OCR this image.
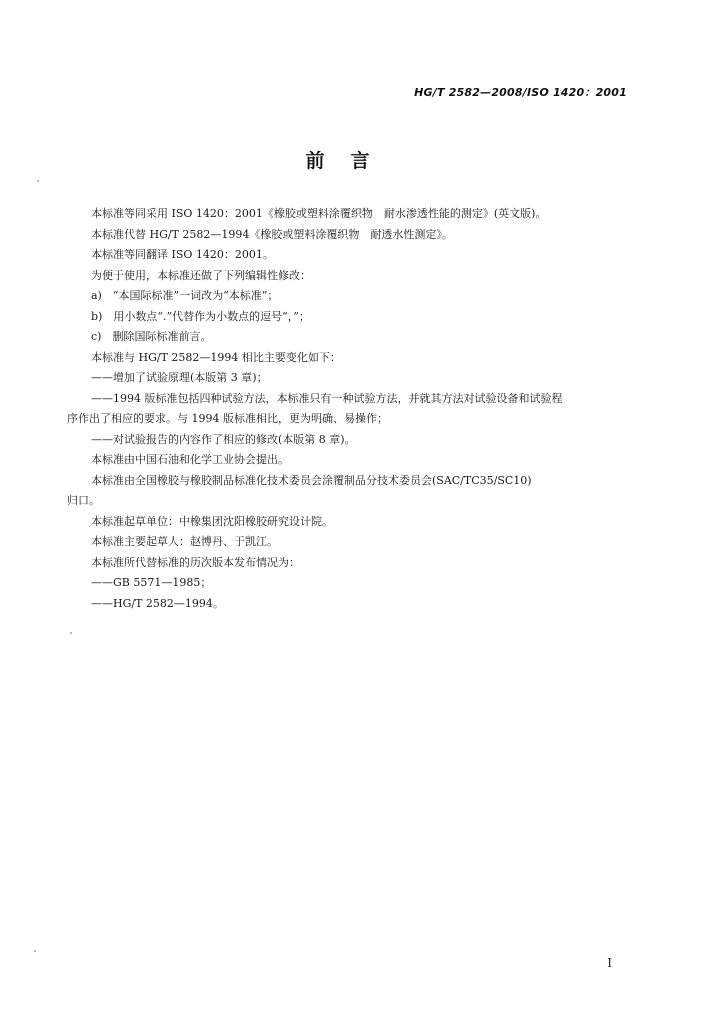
HG/T 2582—2008/ISO 1420：2001
前言

本标准等同采用 ISO 1420：2001《橡胶或塑料涂覆织物　耐水渗透性能的测定》(英文版)。

本标准代替 HG/T 2582—1994《橡胶或塑料涂覆织物　耐透水性测定》。

本标准等同翻译 ISO 1420：2001。

为便于使用，本标准还做了下列编辑性修改：

a)　“本国际标准”一词改为“本标准”；

b)　用小数点“.”代替作为小数点的逗号“，”；

c)　删除国际标准前言。

本标准与 HG/T 2582—1994 相比主要变化如下：

——增加了试验原理(本版第 3 章)；

——1994 版标准包括四种试验方法，本标准只有一种试验方法，并就其方法对试验设备和试验程
序作出了相应的要求。与 1994 版标准相比，更为明确、易操作；

——对试验报告的内容作了相应的修改(本版第 8 章)。

本标准由中国石油和化学工业协会提出。

本标准由全国橡胶与橡胶制品标准化技术委员会涂覆制品分技术委员会(SAC/TC35/SC10)
归口。

本标准起草单位：中橡集团沈阳橡胶研究设计院。

本标准主要起草人：赵博丹、于凯江。

本标准所代替标准的历次版本发布情况为：

——GB 5571—1985；

——HG/T 2582—1994。

I
